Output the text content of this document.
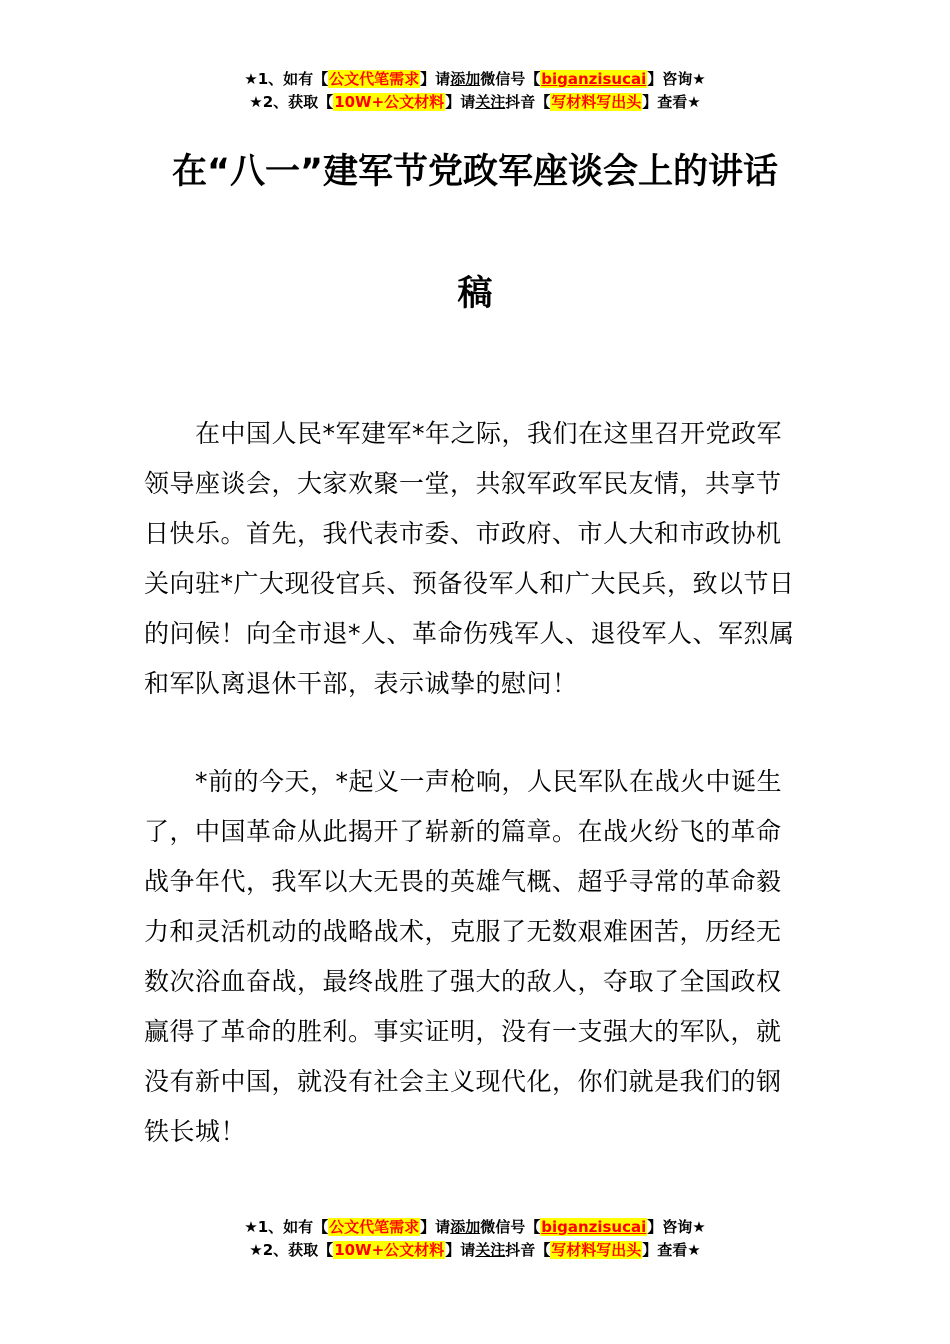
★1、如有【公文代笔需求】请添加微信号【biganzisucai】咨询★
★2、获取【10W+公文材料】请关注抖音【写材料写出头】查看★
在“八一”建军节党政军座谈会上的讲话
稿
　　在中国人民*军建军*年之际，我们在这里召开党政军
领导座谈会，大家欢聚一堂，共叙军政军民友情，共享节
日快乐。首先，我代表市委、市政府、市人大和市政协机
关向驻*广大现役官兵、预备役军人和广大民兵，致以节日
的问候！向全市退*人、革命伤残军人、退役军人、军烈属
和军队离退休干部，表示诚挚的慰问！
　　*前的今天，*起义一声枪响，人民军队在战火中诞生
了，中国革命从此揭开了崭新的篇章。在战火纷飞的革命
战争年代，我军以大无畏的英雄气概、超乎寻常的革命毅
力和灵活机动的战略战术，克服了无数艰难困苦，历经无
数次浴血奋战，最终战胜了强大的敌人，夺取了全国政权
赢得了革命的胜利。事实证明，没有一支强大的军队，就
没有新中国，就没有社会主义现代化，你们就是我们的钢
铁长城！
★1、如有【公文代笔需求】请添加微信号【biganzisucai】咨询★
★2、获取【10W+公文材料】请关注抖音【写材料写出头】查看★
